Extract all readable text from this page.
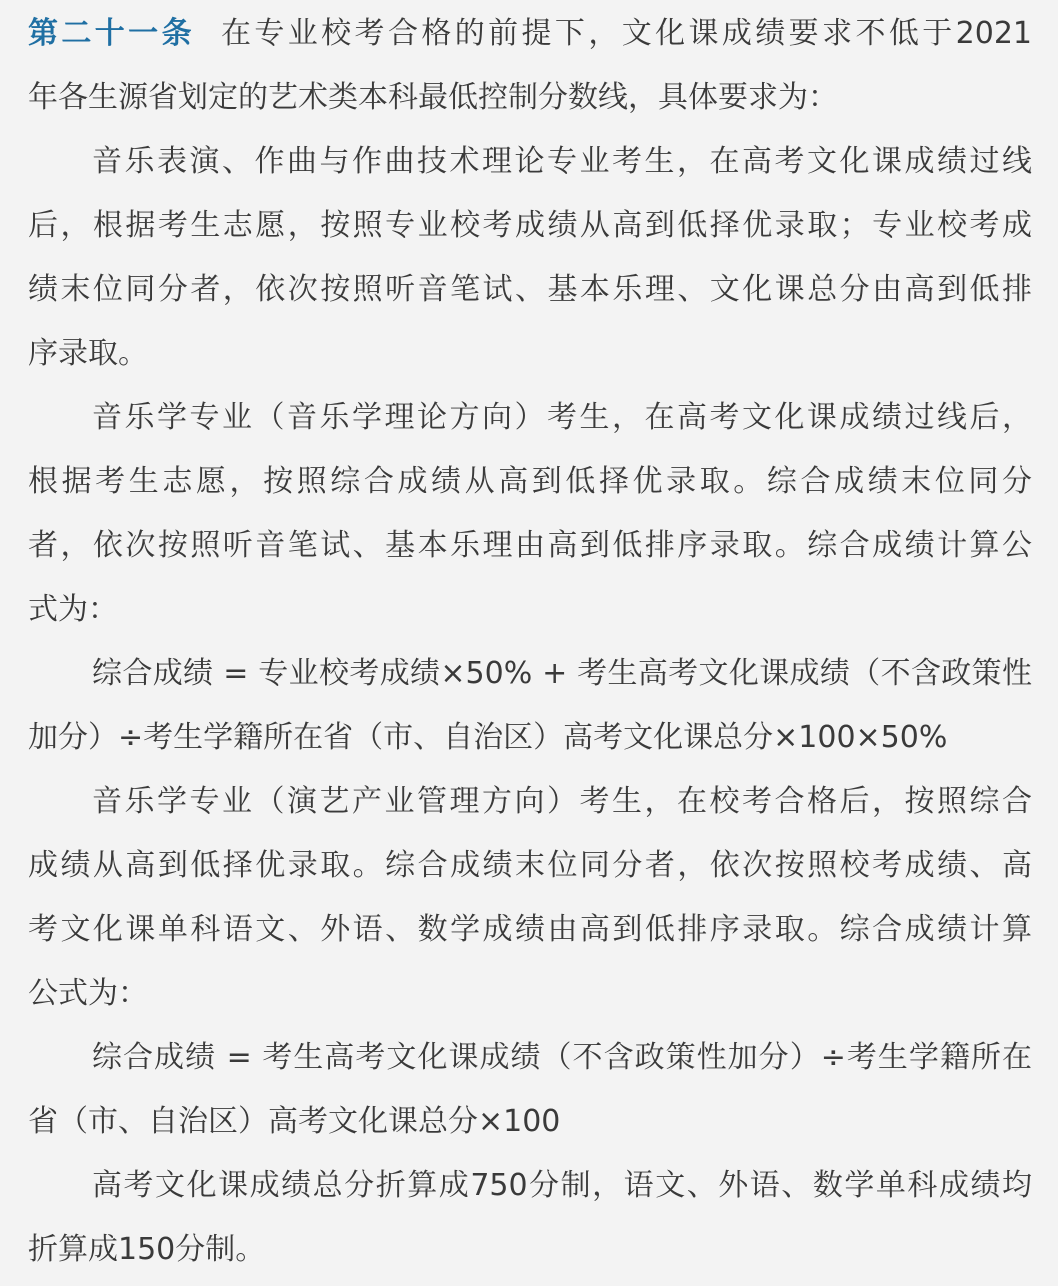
第二十一条 在专业校考合格的前提下，文化课成绩要求不低于2021
年各生源省划定的艺术类本科最低控制分数线，具体要求为：
音乐表演、作曲与作曲技术理论专业考生，在高考文化课成绩过线
后，根据考生志愿，按照专业校考成绩从高到低择优录取；专业校考成
绩末位同分者，依次按照听音笔试、基本乐理、文化课总分由高到低排
序录取。
音乐学专业（音乐学理论方向）考生，在高考文化课成绩过线后，
根据考生志愿，按照综合成绩从高到低择优录取。综合成绩末位同分
者，依次按照听音笔试、基本乐理由高到低排序录取。综合成绩计算公
式为：
综合成绩 = 专业校考成绩×50% + 考生高考文化课成绩（不含政策性
加分）÷考生学籍所在省（市、自治区）高考文化课总分×100×50%
音乐学专业（演艺产业管理方向）考生，在校考合格后，按照综合
成绩从高到低择优录取。综合成绩末位同分者，依次按照校考成绩、高
考文化课单科语文、外语、数学成绩由高到低排序录取。综合成绩计算
公式为：
综合成绩 = 考生高考文化课成绩（不含政策性加分）÷考生学籍所在
省（市、自治区）高考文化课总分×100
高考文化课成绩总分折算成750分制，语文、外语、数学单科成绩均
折算成150分制。
